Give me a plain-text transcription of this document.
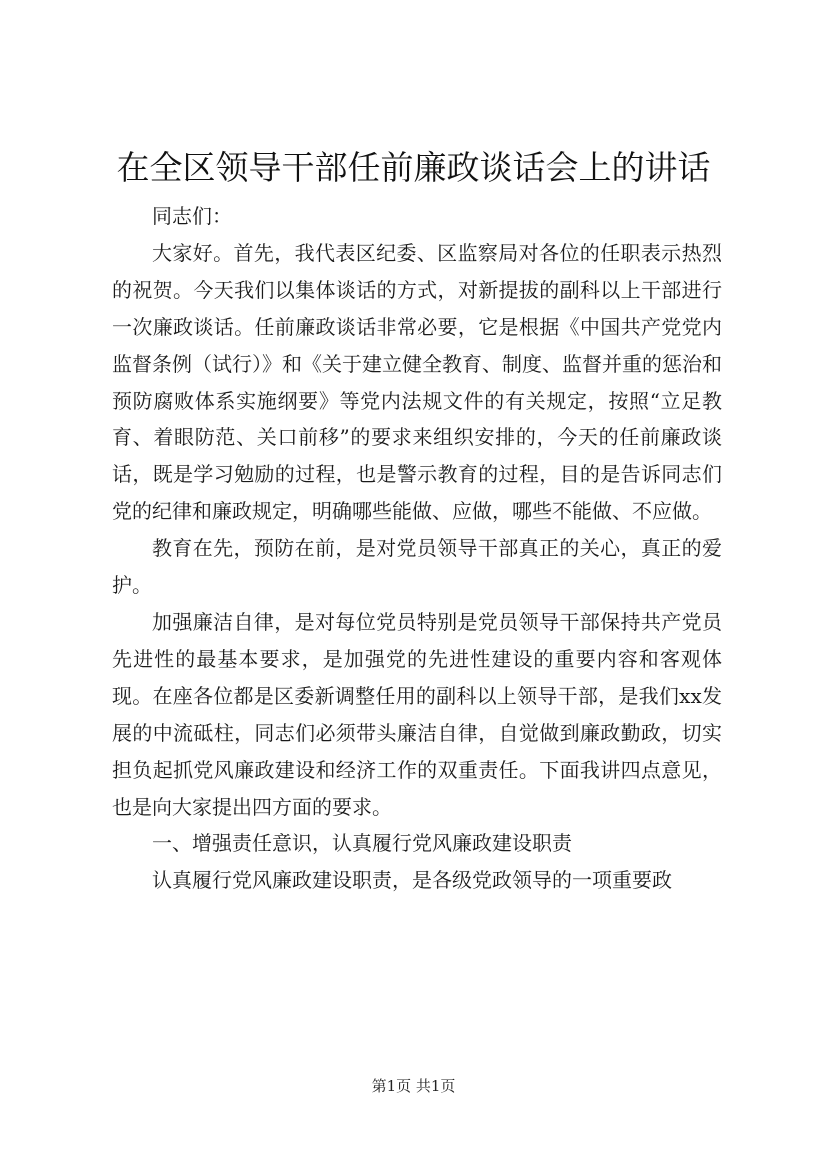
在全区领导干部任前廉政谈话会上的讲话

同志们：

大家好。首先，我代表区纪委、区监察局对各位的任职表示热烈的祝贺。今天我们以集体谈话的方式，对新提拔的副科以上干部进行一次廉政谈话。任前廉政谈话非常必要，它是根据《中国共产党党内监督条例（试行）》和《关于建立健全教育、制度、监督并重的惩治和预防腐败体系实施纲要》等党内法规文件的有关规定，按照“立足教育、着眼防范、关口前移”的要求来组织安排的，今天的任前廉政谈话，既是学习勉励的过程，也是警示教育的过程，目的是告诉同志们党的纪律和廉政规定，明确哪些能做、应做，哪些不能做、不应做。

教育在先，预防在前，是对党员领导干部真正的关心，真正的爱护。

加强廉洁自律，是对每位党员特别是党员领导干部保持共产党员先进性的最基本要求，是加强党的先进性建设的重要内容和客观体现。在座各位都是区委新调整任用的副科以上领导干部，是我们xx发展的中流砥柱，同志们必须带头廉洁自律，自觉做到廉政勤政，切实担负起抓党风廉政建设和经济工作的双重责任。下面我讲四点意见，也是向大家提出四方面的要求。

一、增强责任意识，认真履行党风廉政建设职责

认真履行党风廉政建设职责，是各级党政领导的一项重要政

第1页 共1页
